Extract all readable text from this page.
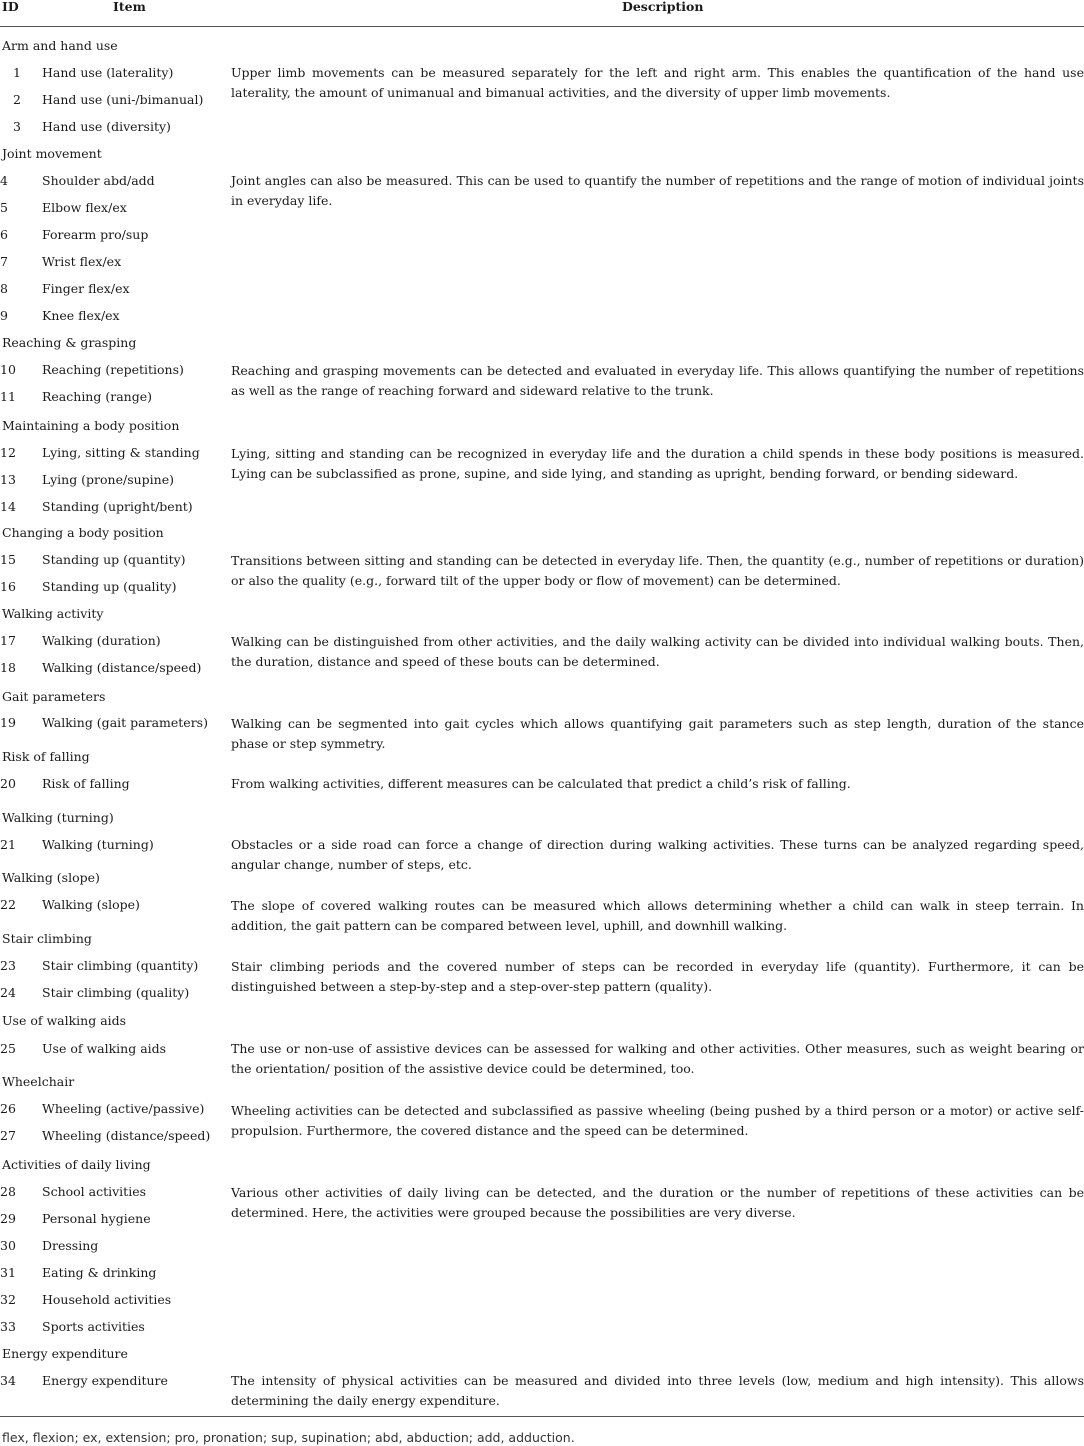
ID	Item	Description
Arm and hand use
Joint movement
Reaching & grasping
Maintaining a body position
Changing a body position
Walking activity
Gait parameters
Risk of falling
Walking (turning)
Walking (slope)
Stair climbing
Use of walking aids
Wheelchair
Activities of daily living
Energy expenditure
1
2
3
4
5
6
7
8
9
10
11
12
13
14
15
16
17
18
19
20
21
22
23
24
25
26
27
28
29
30
31
32
33
34
Hand use (laterality)
Hand use (uni-/bimanual)
Hand use (diversity)
Shoulder abd/add
Elbow flex/ex
Forearm pro/sup
Wrist flex/ex
Finger flex/ex
Knee flex/ex
Reaching (repetitions)
Reaching (range)
Lying, sitting & standing
Lying (prone/supine)
Standing (upright/bent)
Standing up (quantity)
Standing up (quality)
Walking (duration)
Walking (distance/speed)
Walking (gait parameters)
Risk of falling
Walking (turning)
Walking (slope)
Stair climbing (quantity)
Stair climbing (quality)
Use of walking aids
Wheeling (active/passive)
Wheeling (distance/speed)
School activities
Personal hygiene
Dressing
Eating & drinking
Household activities
Sports activities
Energy expenditure
Upper limb movements can be measured separately for the left and right arm. This enables the quantification of the hand use laterality, the amount of unimanual and bimanual activities, and the diversity of upper limb movements.
Joint angles can also be measured. This can be used to quantify the number of repetitions and the range of motion of individual joints in everyday life.
Reaching and grasping movements can be detected and evaluated in everyday life. This allows quantifying the number of repetitions as well as the range of reaching forward and sideward relative to the trunk.
Lying, sitting and standing can be recognized in everyday life and the duration a child spends in these body positions is measured. Lying can be subclassified as prone, supine, and side lying, and standing as upright, bending forward, or bending sideward.
Transitions between sitting and standing can be detected in everyday life. Then, the quantity (e.g., number of repetitions or duration) or also the quality (e.g., forward tilt of the upper body or flow of movement) can be determined.
Walking can be distinguished from other activities, and the daily walking activity can be divided into individual walking bouts. Then, the duration, distance and speed of these bouts can be determined.
Walking can be segmented into gait cycles which allows quantifying gait parameters such as step length, duration of the stance phase or step symmetry.
From walking activities, different measures can be calculated that predict a child’s risk of falling.
Obstacles or a side road can force a change of direction during walking activities. These turns can be analyzed regarding speed, angular change, number of steps, etc.
The slope of covered walking routes can be measured which allows determining whether a child can walk in steep terrain. In addition, the gait pattern can be compared between level, uphill, and downhill walking.
Stair climbing periods and the covered number of steps can be recorded in everyday life (quantity). Furthermore, it can be distinguished between a step-by-step and a step-over-step pattern (quality).
The use or non-use of assistive devices can be assessed for walking and other activities. Other measures, such as weight bearing or the orientation/ position of the assistive device could be determined, too.
Wheeling activities can be detected and subclassified as passive wheeling (being pushed by a third person or a motor) or active self-propulsion. Furthermore, the covered distance and the speed can be determined.
Various other activities of daily living can be detected, and the duration or the number of repetitions of these activities can be determined. Here, the activities were grouped because the possibilities are very diverse.
The intensity of physical activities can be measured and divided into three levels (low, medium and high intensity). This allows determining the daily energy expenditure.
flex, flexion; ex, extension; pro, pronation; sup, supination; abd, abduction; add, adduction.
